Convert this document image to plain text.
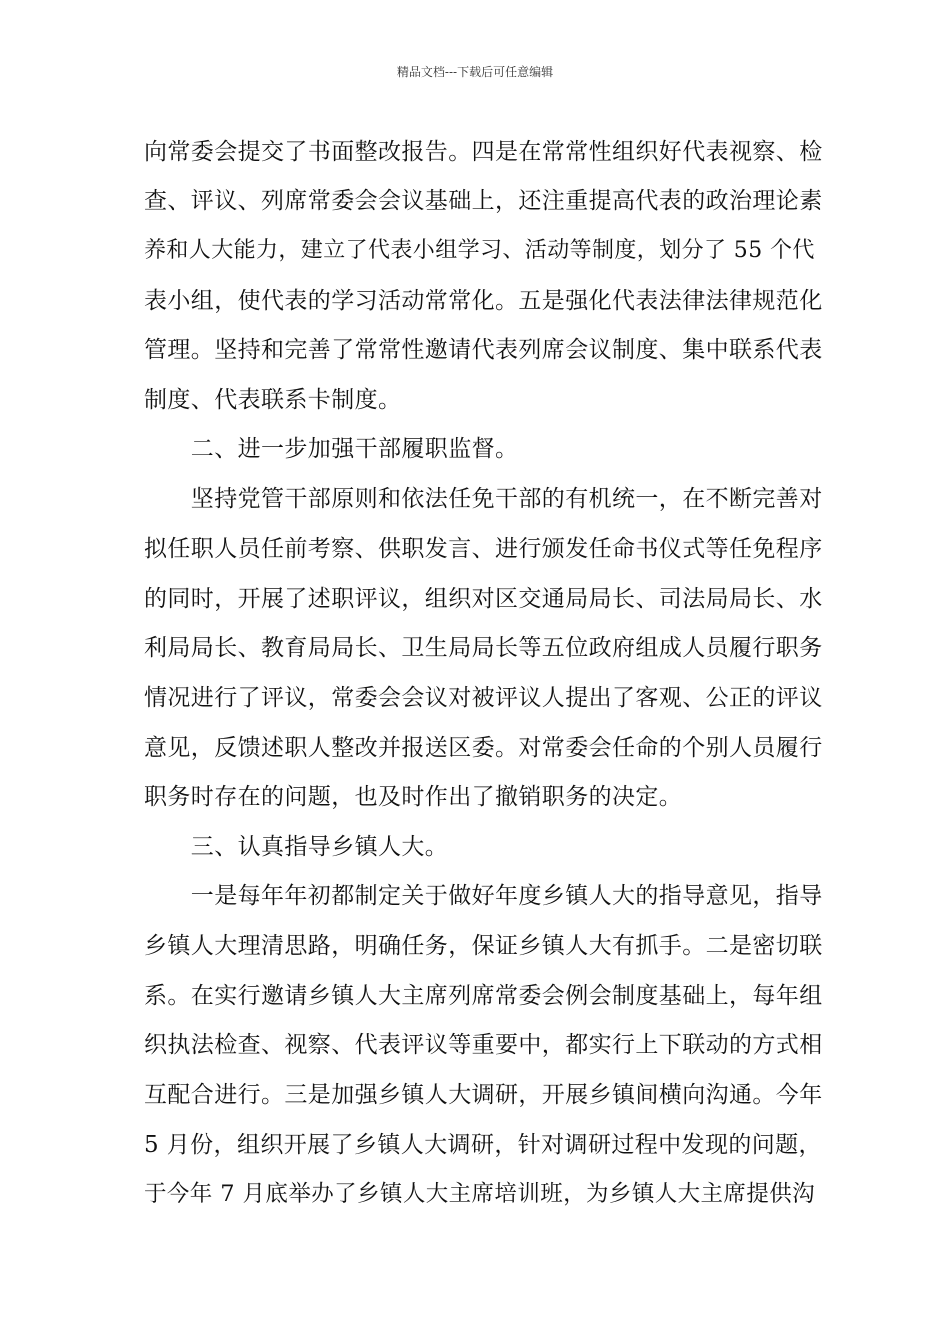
精品文档---下载后可任意编辑
向常委会提交了书面整改报告。四是在常常性组织好代表视察、检
查、评议、列席常委会会议基础上，还注重提高代表的政治理论素
养和人大能力，建立了代表小组学习、活动等制度，划分了 55 个代
表小组，使代表的学习活动常常化。五是强化代表法律法律规范化
管理。坚持和完善了常常性邀请代表列席会议制度、集中联系代表
制度、代表联系卡制度。
　　二、进一步加强干部履职监督。
　　坚持党管干部原则和依法任免干部的有机统一，在不断完善对
拟任职人员任前考察、供职发言、进行颁发任命书仪式等任免程序
的同时，开展了述职评议，组织对区交通局局长、司法局局长、水
利局局长、教育局局长、卫生局局长等五位政府组成人员履行职务
情况进行了评议，常委会会议对被评议人提出了客观、公正的评议
意见，反馈述职人整改并报送区委。对常委会任命的个别人员履行
职务时存在的问题，也及时作出了撤销职务的决定。
　　三、认真指导乡镇人大。
　　一是每年年初都制定关于做好年度乡镇人大的指导意见，指导
乡镇人大理清思路，明确任务，保证乡镇人大有抓手。二是密切联
系。在实行邀请乡镇人大主席列席常委会例会制度基础上，每年组
织执法检查、视察、代表评议等重要中，都实行上下联动的方式相
互配合进行。三是加强乡镇人大调研，开展乡镇间横向沟通。今年
5 月份，组织开展了乡镇人大调研，针对调研过程中发现的问题，
于今年 7 月底举办了乡镇人大主席培训班，为乡镇人大主席提供沟
